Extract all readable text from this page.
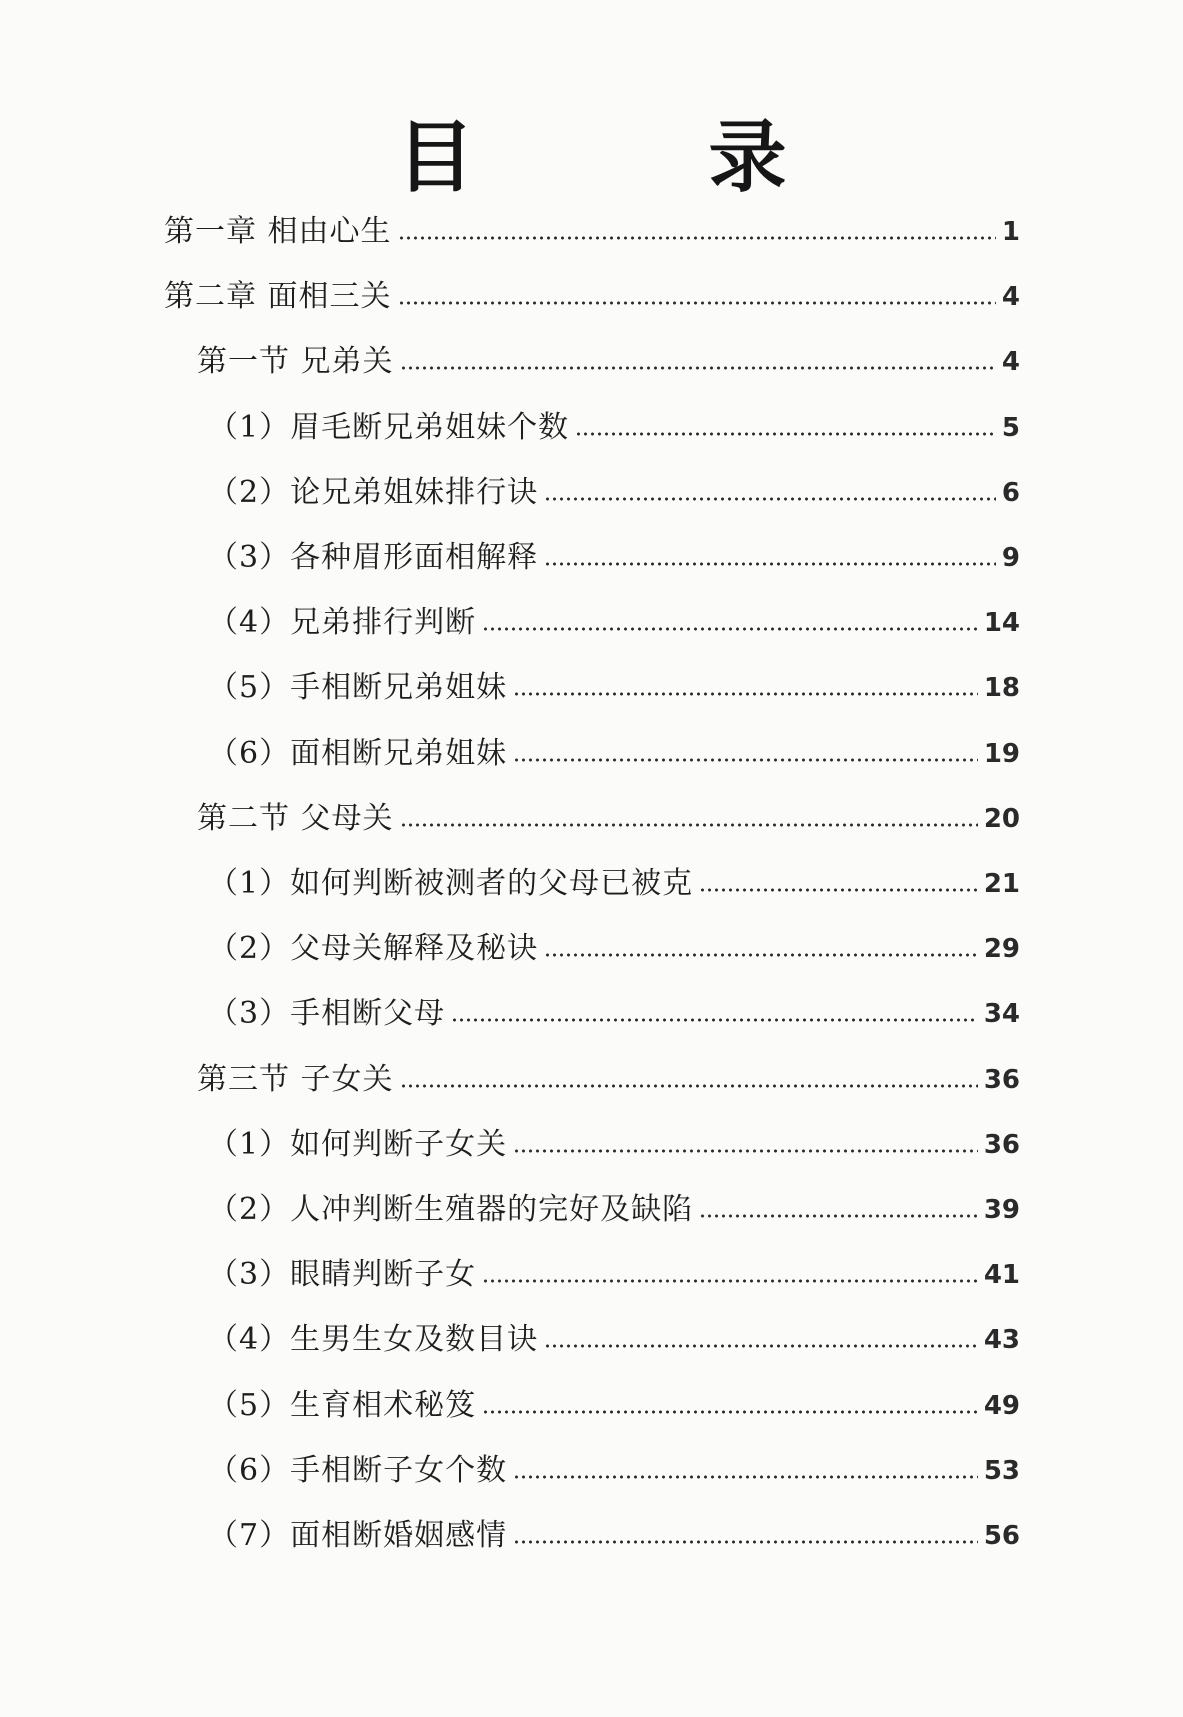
目　录
第一章 相由心生	1
第二章 面相三关	4
第一节 兄弟关	4
（1）眉毛断兄弟姐妹个数	5
（2）论兄弟姐妹排行诀	6
（3）各种眉形面相解释	9
（4）兄弟排行判断	14
（5）手相断兄弟姐妹	18
（6）面相断兄弟姐妹	19
第二节 父母关	20
（1）如何判断被测者的父母已被克	21
（2）父母关解释及秘诀	29
（3）手相断父母	34
第三节 子女关	36
（1）如何判断子女关	36
（2）人冲判断生殖器的完好及缺陷	39
（3）眼睛判断子女	41
（4）生男生女及数目诀	43
（5）生育相术秘笈	49
（6）手相断子女个数	53
（7）面相断婚姻感情	56
